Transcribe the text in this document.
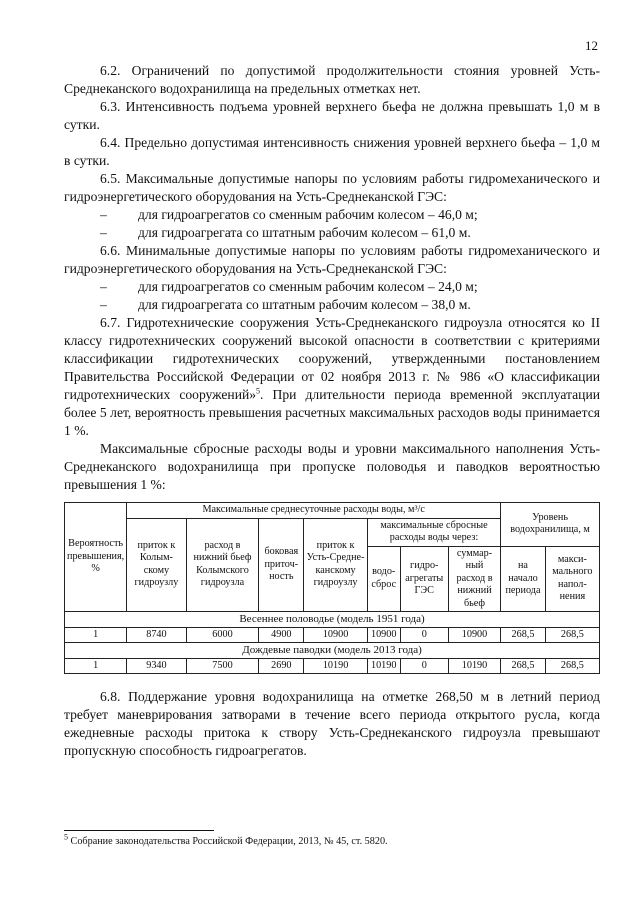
12

6.2. Ограничений по допустимой продолжительности стояния уровней Усть-Среднеканского водохранилища на предельных отметках нет.

6.3. Интенсивность подъема уровней верхнего бьефа не должна превышать 1,0 м в сутки.

6.4. Предельно допустимая интенсивность снижения уровней верхнего бьефа – 1,0 м в сутки.

6.5. Максимальные допустимые напоры по условиям работы гидромеханического и гидроэнергетического оборудования на Усть-Среднеканской ГЭС:

–	для гидроагрегатов со сменным рабочим колесом – 46,0 м;
–	для гидроагрегата со штатным рабочим колесом – 61,0 м.

6.6. Минимальные допустимые напоры по условиям работы гидромеханического и гидроэнергетического оборудования на Усть-Среднеканской ГЭС:

–	для гидроагрегатов со сменным рабочим колесом – 24,0 м;
–	для гидроагрегата со штатным рабочим колесом – 38,0 м.

6.7. Гидротехнические сооружения Усть-Среднеканского гидроузла относятся ко II классу гидротехнических сооружений высокой опасности в соответствии с критериями классификации гидротехнических сооружений, утвержденными постановлением Правительства Российской Федерации от 02 ноября 2013 г. № 986 «О классификации гидротехнических сооружений»$^5$. При длительности периода временной эксплуатации более 5 лет, вероятность превышения расчетных максимальных расходов воды принимается 1 %.

Максимальные сбросные расходы воды и уровни максимального наполнения Усть-Среднеканского водохранилища при пропуске половодья и паводков вероятностью превышения 1 %:

Вероятность превышения, %	Максимальные среднесуточные расходы воды, м³/с							Уровень водохранилища, м	
	приток к Колым-скому гидроузлу	расход в нижний бьеф Колымского гидроузла	боковая приточ-ность	приток к Усть-Средне-канскому гидроузлу	максимальные сбросные расходы воды через:				
					водо-сброс	гидро-агрегаты ГЭС	суммар-ный расход в нижний бьеф	на начало периода	макси-мального напол-нения
Весеннее половодье (модель 1951 года)									
1	8740	6000	4900	10900	10900	0	10900	268,5	268,5
Дождевые паводки (модель 2013 года)									
1	9340	7500	2690	10190	10190	0	10190	268,5	268,5

6.8. Поддержание уровня водохранилища на отметке 268,50 м в летний период требует маневрирования затворами в течение всего периода открытого русла, когда ежедневные расходы притока к створу Усть-Среднеканского гидроузла превышают пропускную способность гидроагрегатов.

$^5$ Собрание законодательства Российской Федерации, 2013, № 45, ст. 5820.
